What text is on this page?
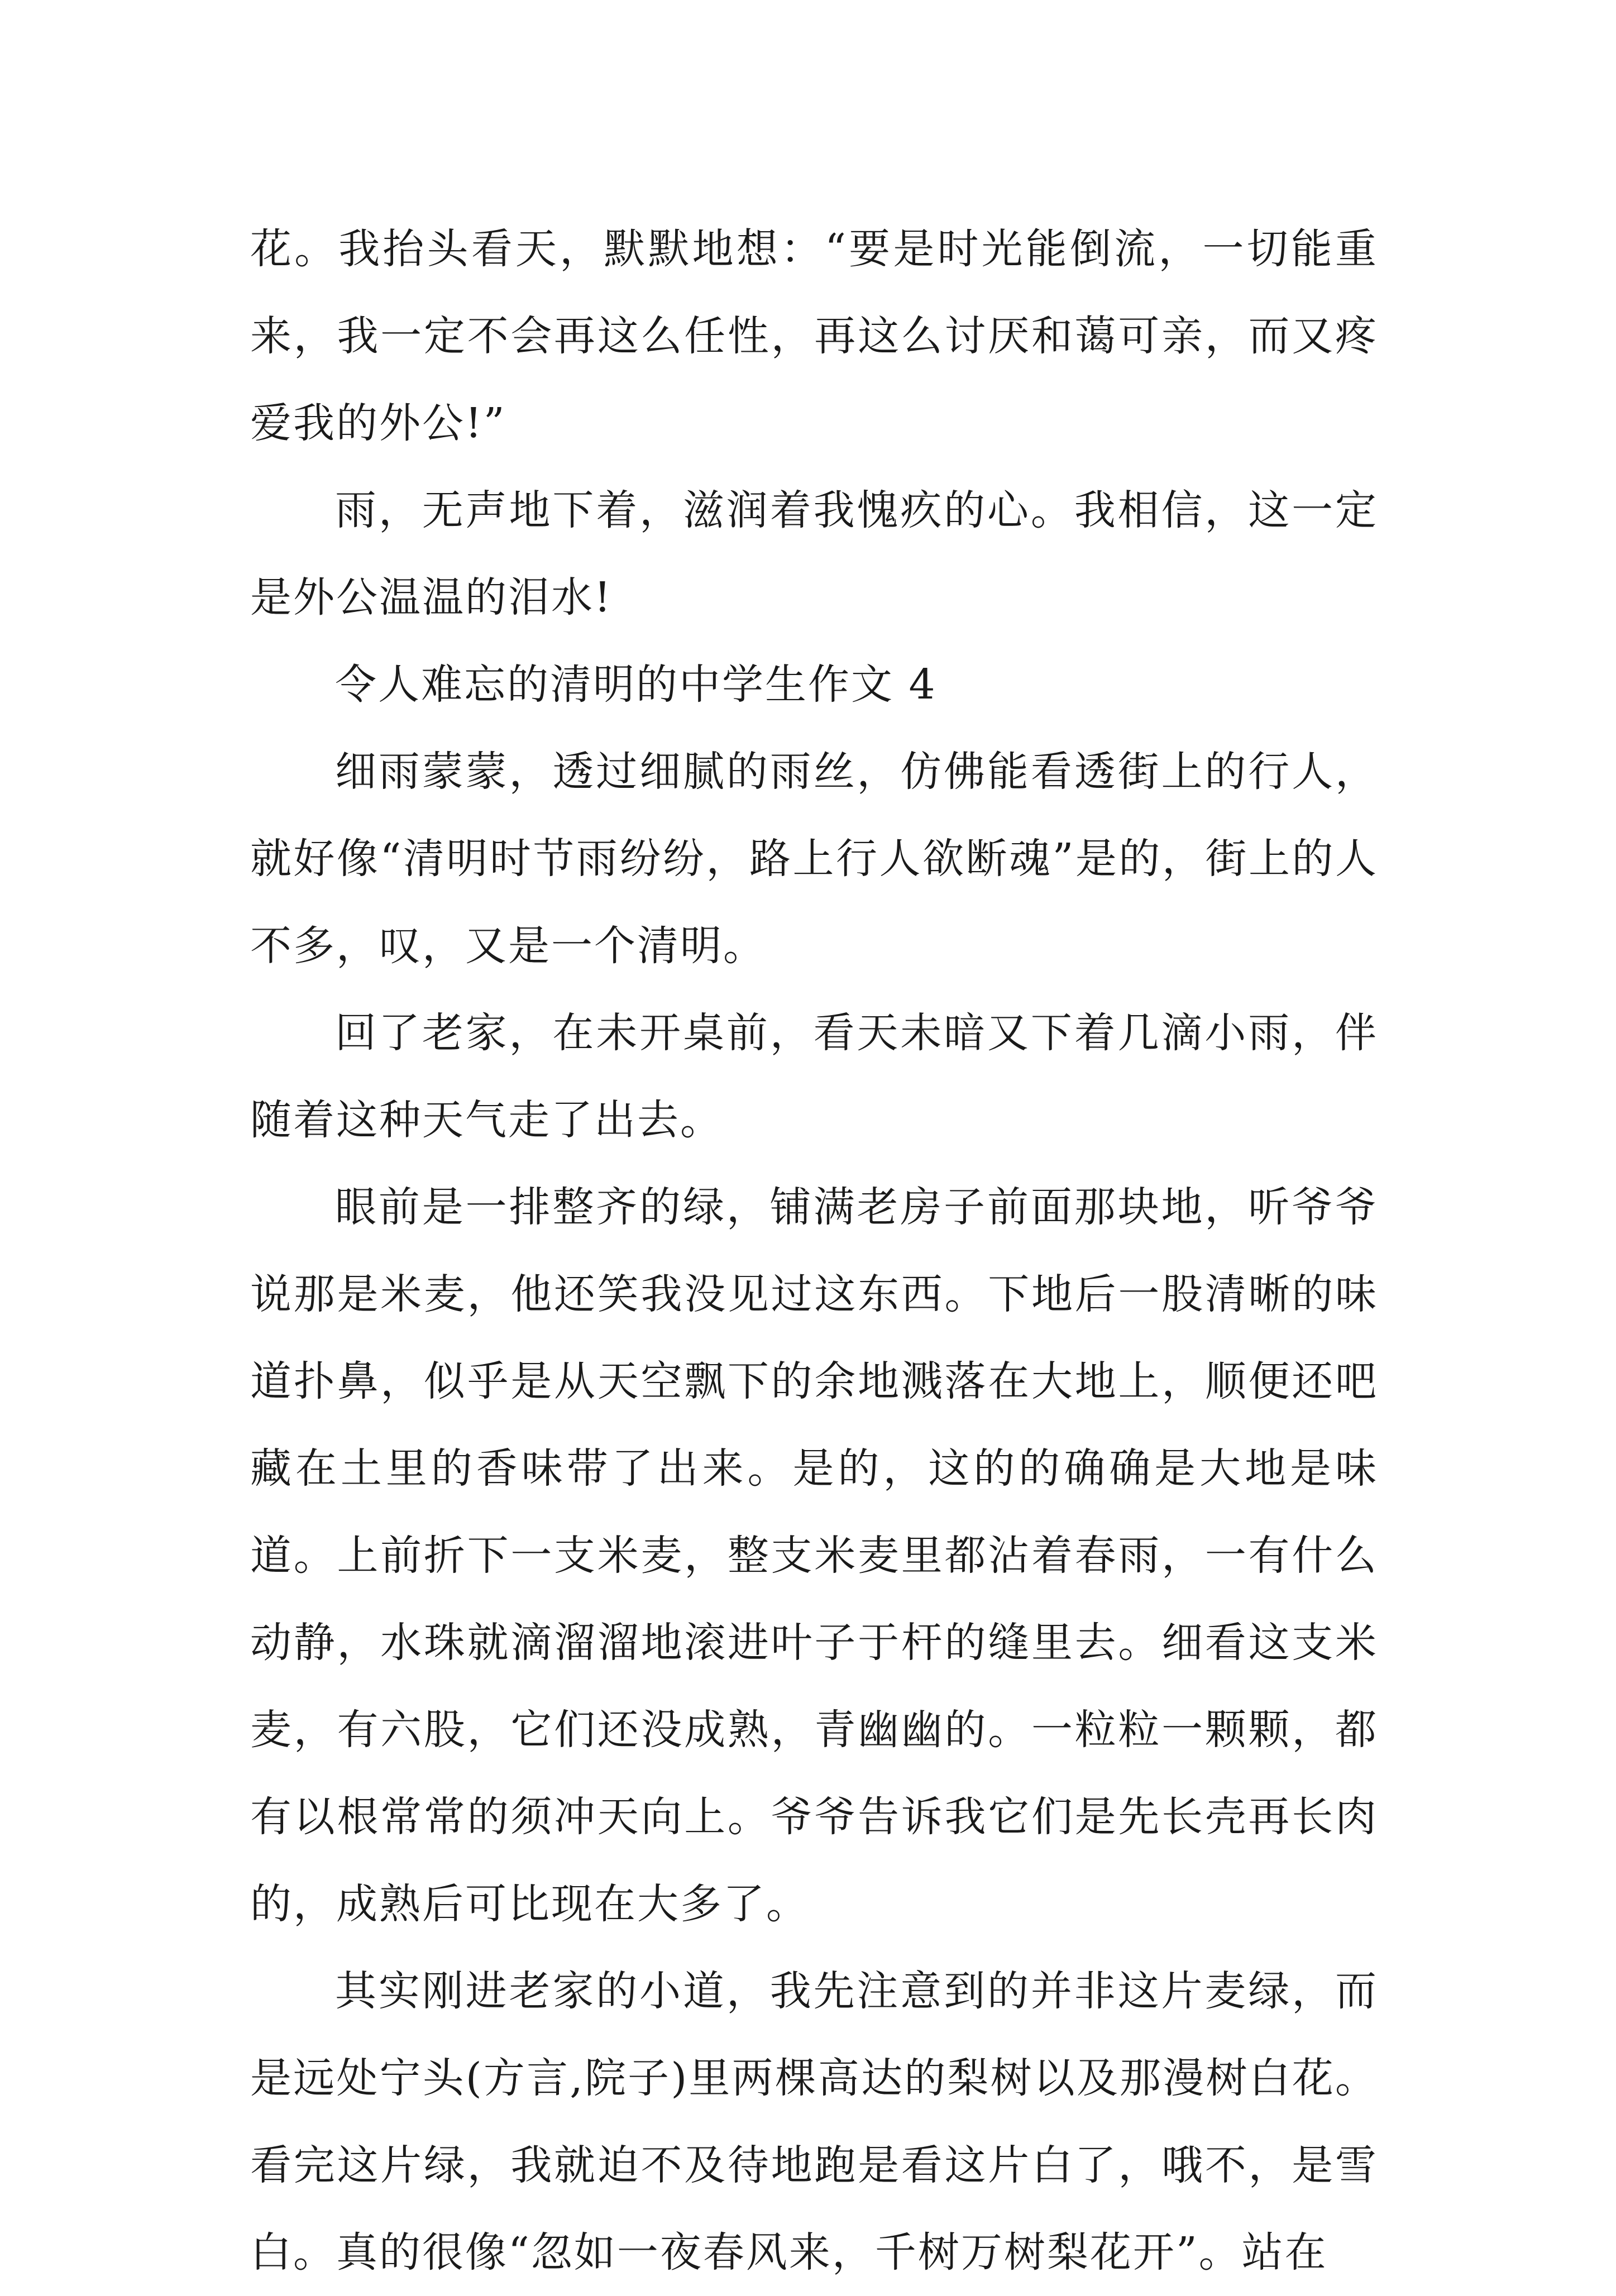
花。我抬头看天，默默地想：“要是时光能倒流，一切能重来，我一定不会再这么任性，再这么讨厌和蔼可亲，而又疼爱我的外公!”

雨，无声地下着，滋润着我愧疚的心。我相信，这一定是外公温温的泪水!

令人难忘的清明的中学生作文 4

细雨蒙蒙，透过细腻的雨丝，仿佛能看透街上的行人，就好像“清明时节雨纷纷，路上行人欲断魂”是的，街上的人不多，叹，又是一个清明。

回了老家，在未开桌前，看天未暗又下着几滴小雨，伴随着这种天气走了出去。

眼前是一排整齐的绿，铺满老房子前面那块地，听爷爷说那是米麦，他还笑我没见过这东西。下地后一股清晰的味道扑鼻，似乎是从天空飘下的余地溅落在大地上，顺便还吧藏在土里的香味带了出来。是的，这的的确确是大地是味道。上前折下一支米麦，整支米麦里都沾着春雨，一有什么动静，水珠就滴溜溜地滚进叶子于杆的缝里去。细看这支米麦，有六股，它们还没成熟，青幽幽的。一粒粒一颗颗，都有以根常常的须冲天向上。爷爷告诉我它们是先长壳再长肉的，成熟后可比现在大多了。

其实刚进老家的小道，我先注意到的并非这片麦绿，而是远处宁头(方言,院子)里两棵高达的梨树以及那漫树白花。看完这片绿，我就迫不及待地跑是看这片白了，哦不，是雪白。真的很像“忽如一夜春风来，千树万树梨花开”。站在
